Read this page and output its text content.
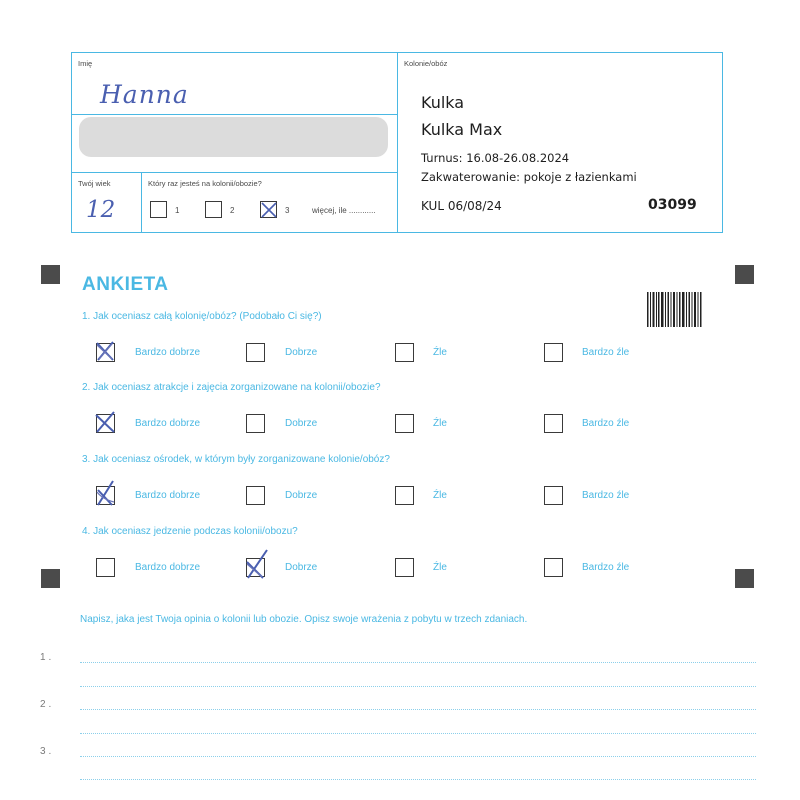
Imię
Hanna
Kolonie/obóz
Twój wiek
12
Który raz jesteś na kolonii/obozie?
1	2	3	więcej, ile ............
Kulka
Kulka Max
Turnus: 16.08-26.08.2024
Zakwaterowanie: pokoje z łazienkami
KUL 06/08/24	03099
ANKIETA
1. Jak oceniasz całą kolonię/obóz? (Podobało Ci się?)
Bardzo dobrze	Dobrze	Źle	Bardzo źle
2. Jak oceniasz atrakcje i zajęcia zorganizowane na kolonii/obozie?
Bardzo dobrze	Dobrze	Źle	Bardzo źle
3. Jak oceniasz ośrodek, w którym były zorganizowane kolonie/obóz?
Bardzo dobrze	Dobrze	Źle	Bardzo źle
4. Jak oceniasz jedzenie podczas kolonii/obozu?
Bardzo dobrze	Dobrze	Źle	Bardzo źle
Napisz, jaka jest Twoja opinia o kolonii lub obozie. Opisz swoje wrażenia z pobytu w trzech zdaniach.
1.
2.
3.
